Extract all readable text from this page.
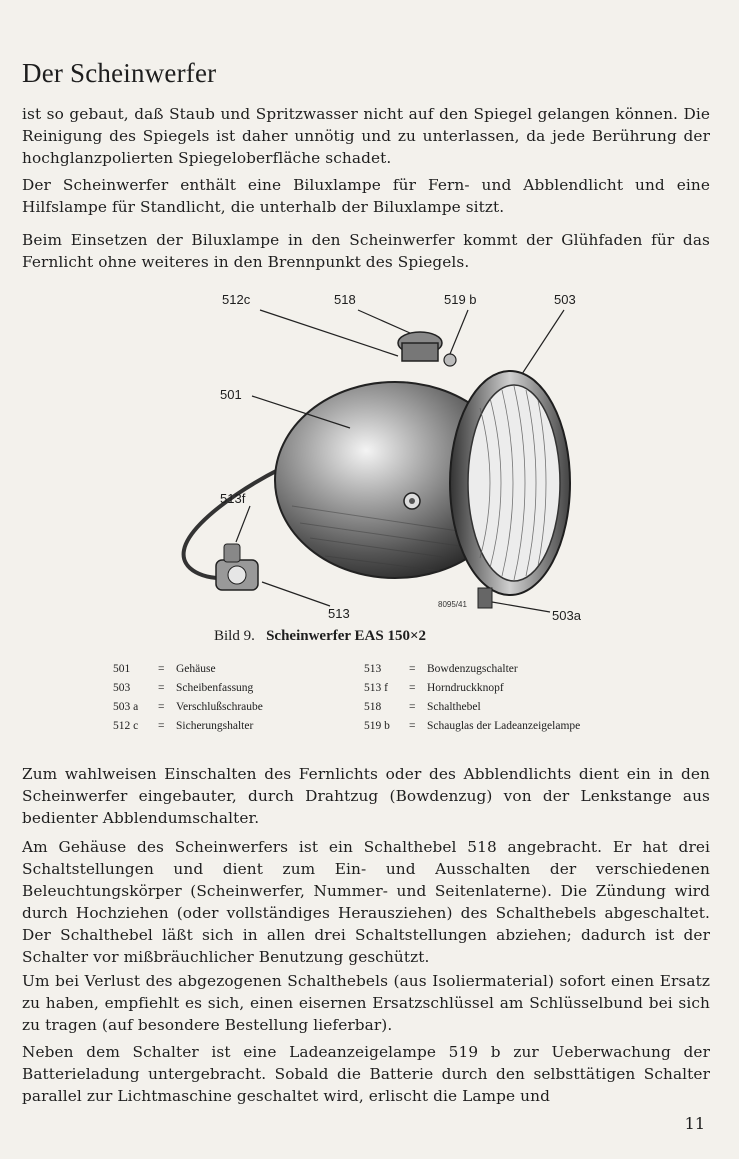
Der Scheinwerfer

ist so gebaut, daß Staub und Spritzwasser nicht auf den Spiegel gelangen können. Die Reinigung des Spiegels ist daher unnötig und zu unterlassen, da jede Berührung der hochglanzpolierten Spiegeloberfläche schadet.

Der Scheinwerfer enthält eine Biluxlampe für Fern- und Abblendlicht und eine Hilfslampe für Standlicht, die unterhalb der Biluxlampe sitzt.

Beim Einsetzen der Biluxlampe in den Scheinwerfer kommt der Glühfaden für das Fernlicht ohne weiteres in den Brennpunkt des Spiegels.

512c	518	519 b	503
501
513f
513	503a
8095/41
Bild 9. Scheinwerfer EAS 150×2
501	=	Gehäuse
503	=	Scheibenfassung
503 a	=	Verschlußschraube
512 c	=	Sicherungshalter
513	=	Bowdenzugschalter
513 f	=	Horndruckknopf
518	=	Schalthebel
519 b	=	Schauglas der Ladeanzeigelampe

Zum wahlweisen Einschalten des Fernlichts oder des Abblendlichts dient ein in den Scheinwerfer eingebauter, durch Drahtzug (Bowdenzug) von der Lenkstange aus bedienter Abblendumschalter.

Am Gehäuse des Scheinwerfers ist ein Schalthebel 518 angebracht. Er hat drei Schaltstellungen und dient zum Ein- und Ausschalten der verschiedenen Beleuchtungskörper (Scheinwerfer, Nummer- und Seitenlaterne). Die Zündung wird durch Hochziehen (oder vollständiges Herausziehen) des Schalthebels abgeschaltet. Der Schalthebel läßt sich in allen drei Schaltstellungen abziehen; dadurch ist der Schalter vor mißbräuchlicher Benutzung geschützt.

Um bei Verlust des abgezogenen Schalthebels (aus Isoliermaterial) sofort einen Ersatz zu haben, empfiehlt es sich, einen eisernen Ersatzschlüssel am Schlüsselbund bei sich zu tragen (auf besondere Bestellung lieferbar).

Neben dem Schalter ist eine Ladeanzeigelampe 519 b zur Ueberwachung der Batterieladung untergebracht. Sobald die Batterie durch den selbsttätigen Schalter parallel zur Lichtmaschine geschaltet wird, erlischt die Lampe und

11
